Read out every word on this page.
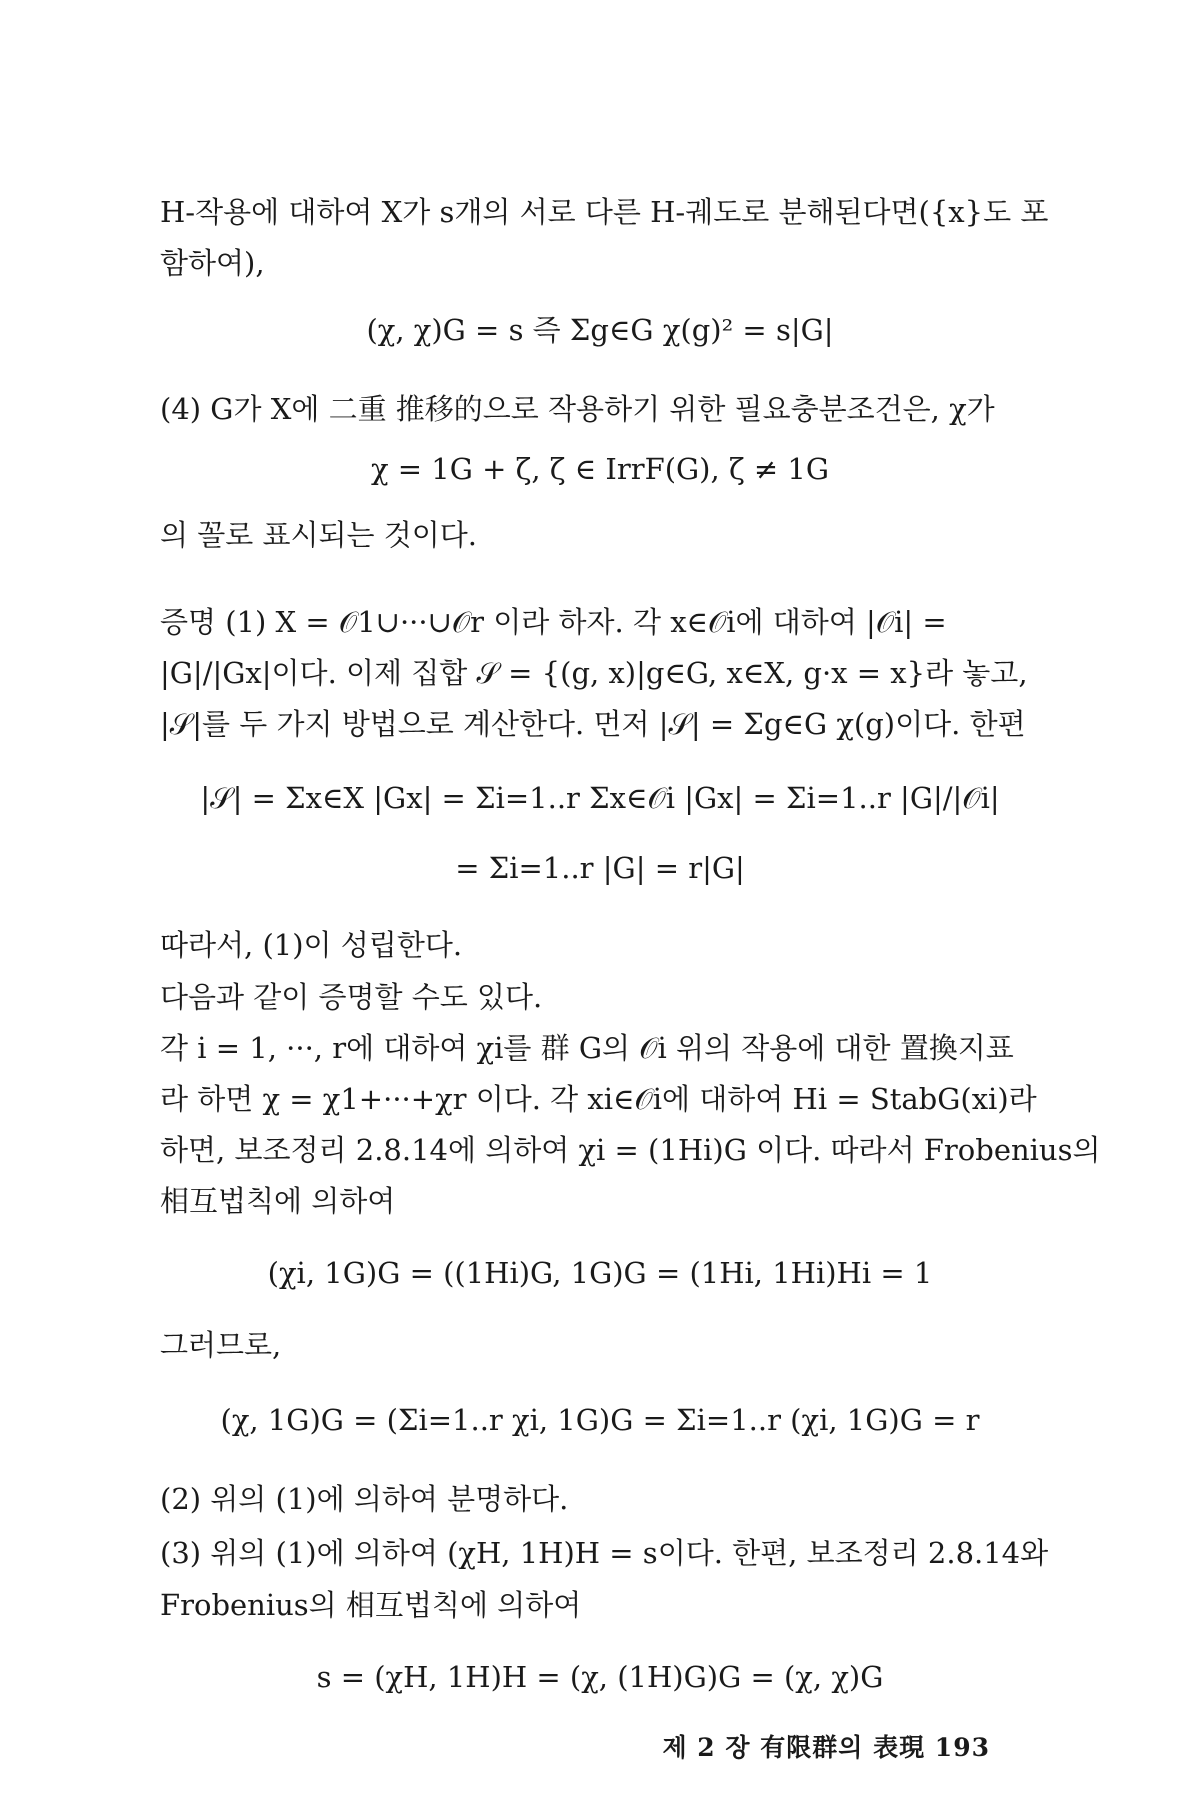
H-작용에 대하여 X가 s개의 서로 다른 H-궤도로 분해된다면({x}도 포

함하여),

(χ, χ)G = s 즉 Σg∈G χ(g)² = s|G|

(4) G가 X에 二重 推移的으로 작용하기 위한 필요충분조건은, χ가

χ = 1G + ζ, ζ ∈ IrrF(G), ζ ≠ 1G

의 꼴로 표시되는 것이다.

증명 (1) X = 𝒪1∪···∪𝒪r 이라 하자. 각 x∈𝒪i에 대하여 |𝒪i| =

|G|/|Gx|이다. 이제 집합 𝒮 = {(g, x)|g∈G, x∈X, g·x = x}라 놓고,

|𝒮|를 두 가지 방법으로 계산한다. 먼저 |𝒮| = Σg∈G χ(g)이다. 한편

|𝒮| = Σx∈X |Gx| = Σi=1..r Σx∈𝒪i |Gx| = Σi=1..r |G|/|𝒪i|

= Σi=1..r |G| = r|G|

따라서, (1)이 성립한다.

다음과 같이 증명할 수도 있다.

각 i = 1, ···, r에 대하여 χi를 群 G의 𝒪i 위의 작용에 대한 置換지표

라 하면 χ = χ1+···+χr 이다. 각 xi∈𝒪i에 대하여 Hi = StabG(xi)라

하면, 보조정리 2.8.14에 의하여 χi = (1Hi)G 이다. 따라서 Frobenius의

相互법칙에 의하여

(χi, 1G)G = ((1Hi)G, 1G)G = (1Hi, 1Hi)Hi = 1

그러므로,

(χ, 1G)G = (Σi=1..r χi, 1G)G = Σi=1..r (χi, 1G)G = r

(2) 위의 (1)에 의하여 분명하다.

(3) 위의 (1)에 의하여 (χH, 1H)H = s이다. 한편, 보조정리 2.8.14와

Frobenius의 相互법칙에 의하여

s = (χH, 1H)H = (χ, (1H)G)G = (χ, χ)G

제 2 장 有限群의 表現 193
